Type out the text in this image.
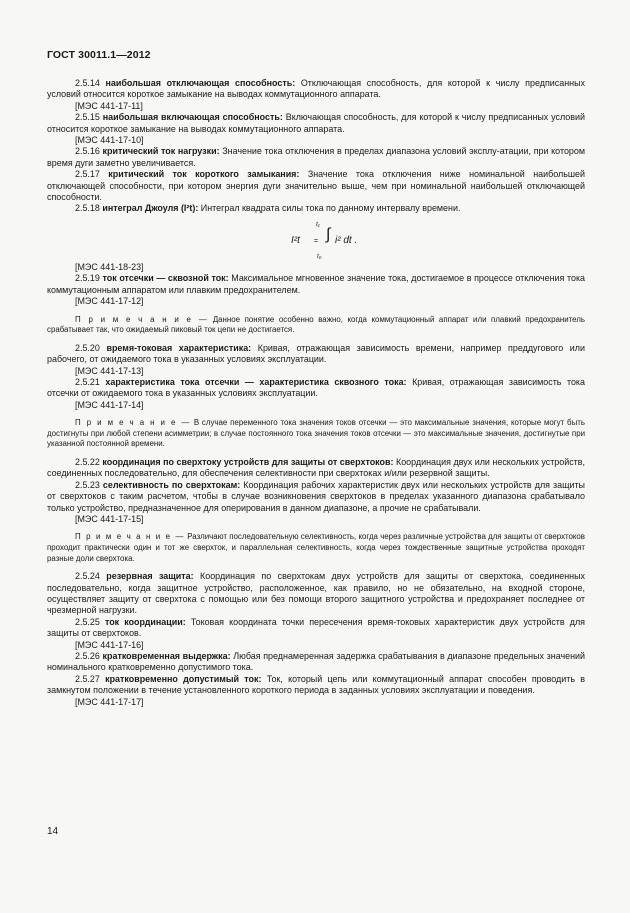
ГОСТ 30011.1—2012

2.5.14 наибольшая отключающая способность: Отключающая способность, для которой к числу предписанных условий относится короткое замыкание на выводах коммутационного аппарата.

[МЭС 441-17-11]

2.5.15 наибольшая включающая способность: Включающая способность, для которой к числу предписанных условий относится короткое замыкание на выводах коммутационного аппарата.

[МЭС 441-17-10]

2.5.16 критический ток нагрузки: Значение тока отключения в пределах диапазона условий эксплу-атации, при котором время дуги заметно увеличивается.

2.5.17 критический ток короткого замыкания: Значение тока отключения ниже номинальной наибольшей отключающей способности, при котором энергия дуги значительно выше, чем при номинальной наибольшей отключающей способности.

2.5.18 интеграл Джоуля (I²t): Интеграл квадрата силы тока по данному интервалу времени.

I²t =
t₁
∫
t₀
i² dt .

[МЭС 441-18-23]

2.5.19 ток отсечки — сквозной ток: Максимальное мгновенное значение тока, достигаемое в процессе отключения тока коммутационным аппаратом или плавким предохранителем.

[МЭС 441-17-12]

П р и м е ч а н и е — Данное понятие особенно важно, когда коммутационный аппарат или плавкий предохранитель срабатывает так, что ожидаемый пиковый ток цепи не достигается.

2.5.20 время-токовая характеристика: Кривая, отражающая зависимость времени, например преддугового или рабочего, от ожидаемого тока в указанных условиях эксплуатации.

[МЭС 441-17-13]

2.5.21 характеристика тока отсечки — характеристика сквозного тока: Кривая, отражающая зависимость тока отсечки от ожидаемого тока в указанных условиях эксплуатации.

[МЭС 441-17-14]

П р и м е ч а н и е — В случае переменного тока значения токов отсечки — это максимальные значения, которые могут быть достигнуты при любой степени асимметрии; в случае постоянного тока значения токов отсечки — это максимальные значения, достигнутые при указанной постоянной времени.

2.5.22 координация по сверхтоку устройств для защиты от сверхтоков: Координация двух или нескольких устройств, соединенных последовательно, для обеспечения селективности при сверхтоках и/или резервной защиты.

2.5.23 селективность по сверхтокам: Координация рабочих характеристик двух или нескольких устройств для защиты от сверхтоков с таким расчетом, чтобы в случае возникновения сверхтоков в пределах указанного диапазона срабатывало только устройство, предназначенное для оперирования в данном диапазоне, а прочие не срабатывали.

[МЭС 441-17-15]

П р и м е ч а н и е — Различают последовательную селективность, когда через различные устройства для защиты от сверхтоков проходит практически один и тот же сверхток, и параллельная селективность, когда через тождественные защитные устройства проходят разные доли сверхтока.

2.5.24 резервная защита: Координация по сверхтокам двух устройств для защиты от сверхтока, соединенных последовательно, когда защитное устройство, расположенное, как правило, но не обязательно, на входной стороне, осуществляет защиту от сверхтока с помощью или без помощи второго защитного устройства и предохраняет последнее от чрезмерной нагрузки.

2.5.25 ток координации: Токовая координата точки пересечения время-токовых характеристик двух устройств для защиты от сверхтоков.

[МЭС 441-17-16]

2.5.26 кратковременная выдержка: Любая преднамеренная задержка срабатывания в диапазоне предельных значений номинального кратковременно допустимого тока.

2.5.27 кратковременно допустимый ток: Ток, который цепь или коммутационный аппарат способен проводить в замкнутом положении в течение установленного короткого периода в заданных условиях эксплуатации и поведения.

[МЭС 441-17-17]

14
